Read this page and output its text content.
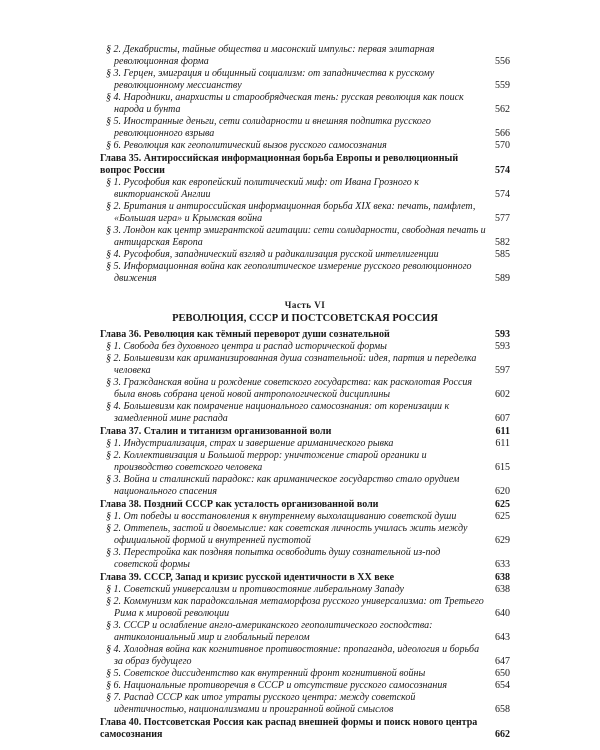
§ 2. Декабристы, тайные общества и масонский импульс: первая элитарная революционная форма	556
§ 3. Герцен, эмиграция и общинный социализм: от западничества к русскому революционному мессианству	559
§ 4. Народники, анархисты и старообрядческая тень: русская революция как поиск народа и бунта	562
§ 5. Иностранные деньги, сети солидарности и внешняя подпитка русского революционного взрыва	566
§ 6. Революция как геополитический вызов русского самосознания	570
Глава 35. Антироссийская информационная борьба Европы и революционный вопрос России	574
§ 1. Русофобия как европейский политический миф: от Ивана Грозного к викторианской Англии	574
§ 2. Британия и антироссийская информационная борьба XIX века: печать, памфлет, «Большая игра» и Крымская война	577
§ 3. Лондон как центр эмигрантской агитации: сети солидарности, свободная печать и антицарская Европа	582
§ 4. Русофобия, западнический взгляд и радикализация русской интеллигенции	585
§ 5. Информационная война как геополитическое измерение русского революционного движения	589
Часть VI
РЕВОЛЮЦИЯ, СССР И ПОСТСОВЕТСКАЯ РОССИЯ
Глава 36. Революция как тёмный переворот души сознательной	593
§ 1. Свобода без духовного центра и распад исторической формы	593
§ 2. Большевизм как ариманизированная душа сознательной: идея, партия и переделка человека	597
§ 3. Гражданская война и рождение советского государства: как расколотая Россия была вновь собрана ценой новой антропологической дисциплины	602
§ 4. Большевизм как помрачение национального самосознания: от коренизации к замедленной мине распада	607
Глава 37. Сталин и титанизм организованной воли	611
§ 1. Индустриализация, страх и завершение ариманического рывка	611
§ 2. Коллективизация и Большой террор: уничтожение старой органики и производство советского человека	615
§ 3. Война и сталинский парадокс: как ариманическое государство стало орудием национального спасения	620
Глава 38. Поздний СССР как усталость организованной воли	625
§ 1. От победы и восстановления к внутреннему выхолащиванию советской души	625
§ 2. Оттепель, застой и двоемыслие: как советская личность училась жить между официальной формой и внутренней пустотой	629
§ 3. Перестройка как поздняя попытка освободить душу сознательной из-под советской формы	633
Глава 39. СССР, Запад и кризис русской идентичности в XX веке	638
§ 1. Советский универсализм и противостояние либеральному Западу	638
§ 2. Коммунизм как парадоксальная метаморфоза русского универсализма: от Третьего Рима к мировой революции	640
§ 3. СССР и ослабление англо-американского геополитического господства: антиколониальный мир и глобальный перелом	643
§ 4. Холодная война как когнитивное противостояние: пропаганда, идеология и борьба за образ будущего	647
§ 5. Советское диссидентство как внутренний фронт когнитивной войны	650
§ 6. Национальные противоречия в СССР и отсутствие русского самосознания	654
§ 7. Распад СССР как итог утраты русского центра: между советской идентичностью, национализмами и проигранной войной смыслов	658
Глава 40. Постсоветская Россия как распад внешней формы и поиск нового центра самосознания	662
